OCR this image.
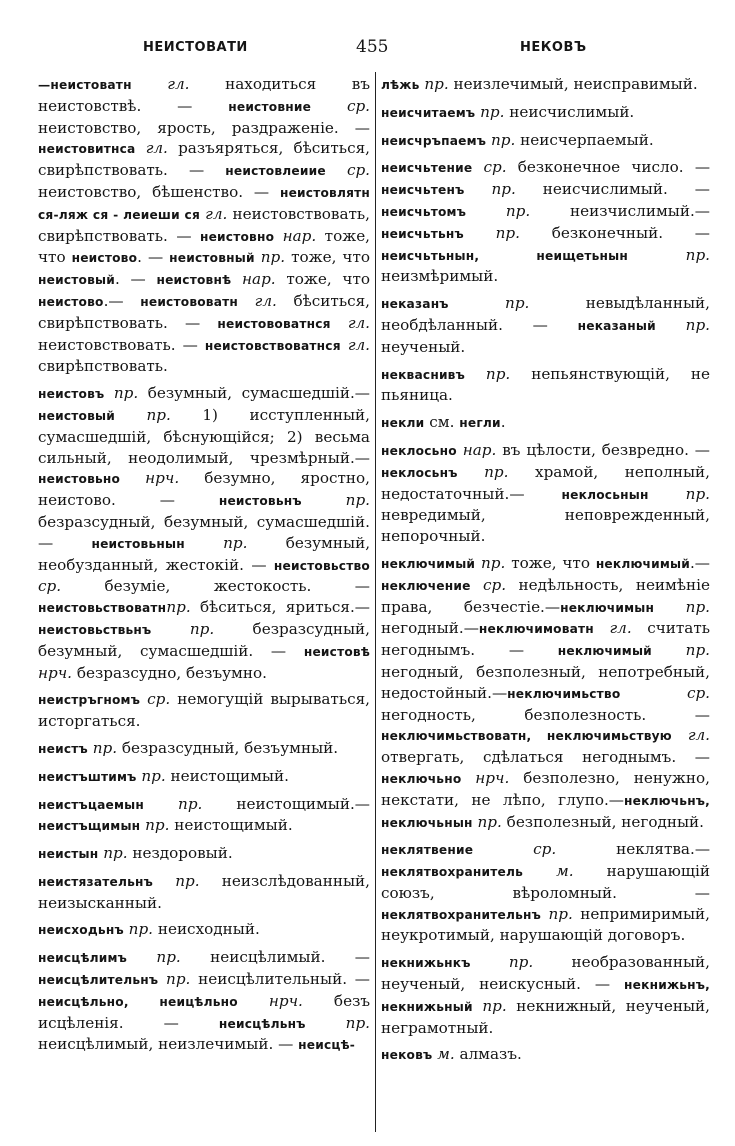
НЕИСТОВАТИ	455	НЕКОВЪ

—неистоватн гл. находиться въ неистовствѣ. — неистовние ср. неистовство, ярость, раздраженіе. — неистовитнса гл. разъяряться, бѣситься, свирѣпствовать. — неистовлеиие ср. неистовство, бѣшенство. — неистовлятн ся-ляж ся - леиеши ся гл. неистовствовать, свирѣпствовать. — неистовно нар. тоже, что неистово. — неистовный пр. тоже, что неистовый. — неистовнѣ нар. тоже, что неистово.— неистововатн гл. бѣситься, свирѣпствовать. — неистововатнся гл. неистовствовать. — неистовствоватнся гл. свирѣпствовать.

неистовъ пр. безумный, сумасшедшій.— неистовый пр. 1) исступленный, сумасшедшій, бѣснующійся; 2) весьма сильный, неодолимый, чрезмѣрный.—неистовьно нрч. безумно, яростно, неистово. — неистовьнъ	пр. безразсудный, безумный, сумасшедшій. — неистовьнын	пр. безумный, необузданный, жестокій. — неистовьство ср. безуміе, жестокость. — неистовьствоватнпр. бѣситься, яриться.—неистовьствьнъ	пр. безразсудный, безумный, сумасшедшій. — неистовѣ нрч. безразсудно, безъумно.

неистръгномъ ср. немогущій вырываться, исторгаться.

неистъ пр. безразсудный, безъумный.

неистъштимъ пр. неистощимый.

неистъцаемын пр. неистощимый.— неистъщимын пр. неистощимый.

неистын пр. нездоровый.

неистязательнъ пр. неизслѣдованный, неизысканный.

неисходьнъ пр. неисходный.

неисцѣлимъ пр. неисцѣлимый. — неисцѣлительнъ пр. неисцѣлительный. —неисцѣльно, неицѣльно нрч. безъ исцѣленія. — неисцѣльнъ	пр. неисцѣлимый, неизлечимый. — неисцѣ-

лѣжь пр. неизлечимый, неисправимый.

неисчитаемъ пр. неисчислимый.

неисчръпаемъ пр. неисчерпаемый.

неисчьтение ср. безконечное число. —неисчьтенъ пр. неисчислимый. — неисчьтомъ	пр. неизчислимый.— неисчьтьнъ пр. безконечный. — неисчьтьнын, неищетьнын	пр. неизмѣримый.

неказанъ	пр. невыдѣланный, необдѣланный. — неказаный пр. неученый.

некваснивъ пр. непьянствующій, не пьяница.

некли см. негли.

неклосьно нар. въ цѣлости, безвредно. — неклосьнъ пр. храмой, неполный, недостаточный.— неклосьнын пр. невредимый, неповрежденный, непорочный.

неключимый пр. тоже, что неключимый.— неключение ср. недѣльность, неимѣніе права, безчестіе.—неключимын пр. негодный.—неключимоватн гл. считать негоднымъ. — неключимый пр. негодный, безполезный, непотребный, недостойный.—неключимьство	ср. негодность, безполезность. — неключимьствоватн, неключимьствую гл. отвергать, сдѣлаться негоднымъ. — неключьно нрч. безполезно, ненужно, некстати, не лѣпо, глупо.—неключьнъ, неключьнын пр. безполезный, негодный.

неклятвение	ср. неклятва.— неклятвохранитель м. нарушающій союзъ, вѣроломный. — неклятвохранительнъ пр. непримиримый, неукротимый, нарушающій договоръ.

некнижьнкъ	пр. необразованный, неученый, неискусный. — некнижьнъ, некнижьный пр. некнижный, неученый, неграмотный.

нековъ м. алмазъ.
